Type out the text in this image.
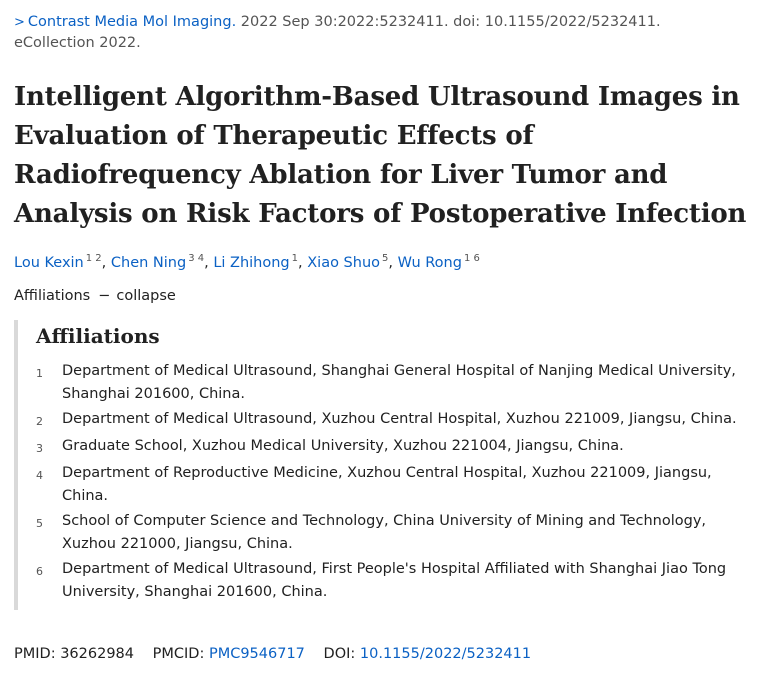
> Contrast Media Mol Imaging. 2022 Sep 30:2022:5232411. doi: 10.1155/2022/5232411.
eCollection 2022.
Intelligent Algorithm-Based Ultrasound Images in Evaluation of Therapeutic Effects of Radiofrequency Ablation for Liver Tumor and Analysis on Risk Factors of Postoperative Infection
Lou Kexin $^{1 2}$, Chen Ning $^{3 4}$, Li Zhihong $^1$, Xiao Shuo $^5$, Wu Rong $^{1 6}$
Affiliations − collapse
Affiliations
1	Department of Medical Ultrasound, Shanghai General Hospital of Nanjing Medical University, Shanghai 201600, China.
2	Department of Medical Ultrasound, Xuzhou Central Hospital, Xuzhou 221009, Jiangsu, China.
3	Graduate School, Xuzhou Medical University, Xuzhou 221004, Jiangsu, China.
4	Department of Reproductive Medicine, Xuzhou Central Hospital, Xuzhou 221009, Jiangsu, China.
5	School of Computer Science and Technology, China University of Mining and Technology, Xuzhou 221000, Jiangsu, China.
6	Department of Medical Ultrasound, First People's Hospital Affiliated with Shanghai Jiao Tong University, Shanghai 201600, China.
PMID: 36262984 PMCID: PMC9546717 DOI: 10.1155/2022/5232411
